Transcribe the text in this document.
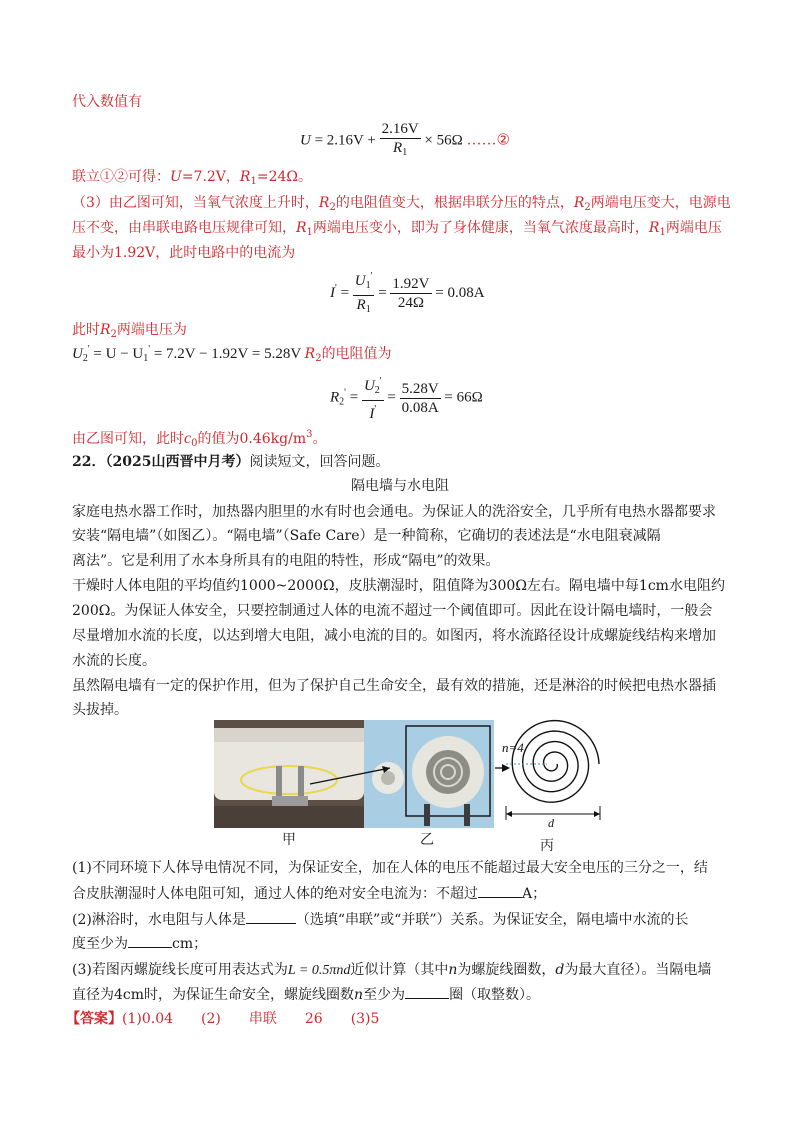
代入数值有
$U = 2.16V + \frac{2.16V}{R_1} \times 56\Omega$ ……②
联立①②可得：U=7.2V，$R_1=24\Omega$。
（3）由乙图可知，当氧气浓度上升时，$R_2$的电阻值变大，根据串联分压的特点，$R_2$两端电压变大，电源电
压不变，由串联电路电压规律可知，$R_1$两端电压变小，即为了身体健康，当氧气浓度最高时，$R_1$两端电压
最小为1.92V，此时电路中的电流为
$I' = \frac{U_1'}{R_1} = \frac{1.92V}{24\Omega} = 0.08A$
此时$R_2$两端电压为
$U_2' = U - U_1' = 7.2V - 1.92V = 5.28V$ $R_2$的电阻值为
$R_2' = \frac{U_2'}{I'} = \frac{5.28V}{0.08A} = 66\Omega$
由乙图可知，此时$c_0$的值为$0.46kg/m^3$。
22．（2025山西晋中月考）阅读短文，回答问题。
隔电墙与水电阻
家庭电热水器工作时，加热器内胆里的水有时也会通电。为保证人的洗浴安全，几乎所有电热水器都要求
安装“隔电墙”（如图乙）。“隔电墙”（Safe Care）是一种简称，它确切的表述法是“水电阻衰减隔
离法”。它是利用了水本身所具有的电阻的特性，形成“隔电”的效果。
干燥时人体电阻的平均值约1000~2000Ω，皮肤潮湿时，阻值降为300Ω左右。隔电墙中每1cm水电阻约
200Ω。为保证人体安全，只要控制通过人体的电流不超过一个阈值即可。因此在设计隔电墙时，一般会
尽量增加水流的长度，以达到增大电阻，减小电流的目的。如图丙，将水流路径设计成螺旋线结构来增加
水流的长度。
虽然隔电墙有一定的保护作用，但为了保护自己生命安全，最有效的措施，还是淋浴的时候把电热水器插
头拔掉。
n=4
d
甲	乙	丙
(1)不同环境下人体导电情况不同，为保证安全，加在人体的电压不能超过最大安全电压的三分之一，结
合皮肤潮湿时人体电阻可知，通过人体的绝对安全电流为：不超过	A；
(2)淋浴时，水电阻与人体是	（选填“串联”或“并联”）关系。为保证安全，隔电墙中水流的长
度至少为	cm；
(3)若图丙螺旋线长度可用表达式为L = 0.5πnd近似计算（其中n为螺旋线圈数，d为最大直径）。当隔电墙
直径为4cm时，为保证生命安全，螺旋线圈数n至少为	圈（取整数）。
【答案】(1)0.04 (2) 串联 26 (3)5
